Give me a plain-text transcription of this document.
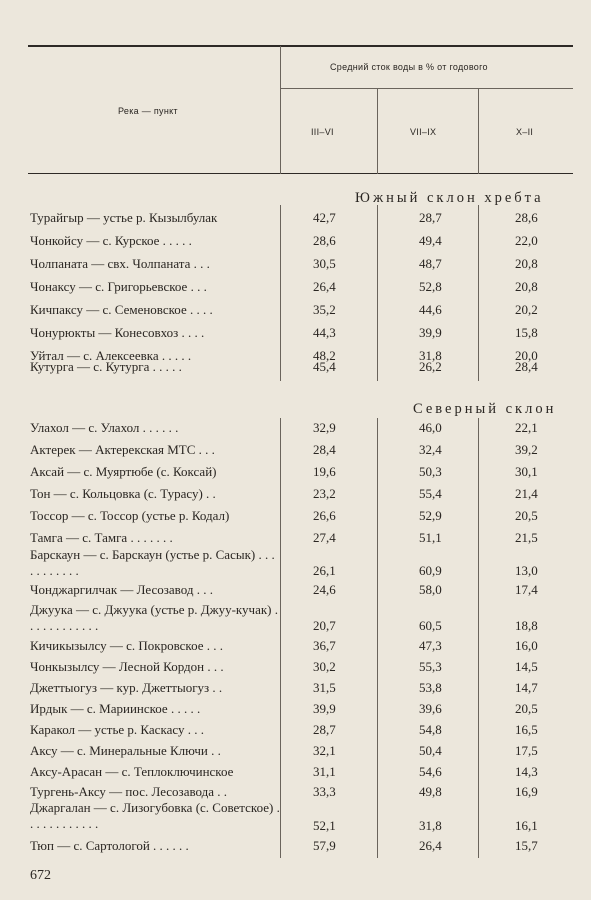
Река — пункт
Средний сток воды в % от годового
III–VI	VII–IX	X–II
Южный склон хребта
Турайгыр — устье р. Кызылбулак	42,7	28,7	28,6
Чонкойсу — с. Курское . . . . .	28,6	49,4	22,0
Чолпаната — свх. Чолпаната . . .	30,5	48,7	20,8
Чонаксу — с. Григорьевское . . .	26,4	52,8	20,8
Кичпаксу — с. Семеновское . . . .	35,2	44,6	20,2
Чонурюкты — Конесовхоз . . . .	44,3	39,9	15,8
Уйтал — с. Алексеевка . . . . .	48,2	31,8	20,0
Кутурга — с. Кутурга . . . . .	45,4	26,2	28,4
Северный склон
Улахол — с. Улахол . . . . . .	32,9	46,0	22,1
Актерек — Актерекская МТС . . .	28,4	32,4	39,2
Аксай — с. Муяртюбе (с. Коксай)	19,6	50,3	30,1
Тон — с. Кольцовка (с. Турасу) . .	23,2	55,4	21,4
Тоссор — с. Тоссор (устье р. Кодал)	26,6	52,9	20,5
Тамга — с. Тамга . . . . . . .	27,4	51,1	21,5
Барскаун — с. Барскаун (устье р. Сасык) . . . . . . . . . . .	26,1	60,9	13,0
Чонджаргилчак — Лесозавод . . .	24,6	58,0	17,4
Джуука — с. Джуука (устье р. Джуу-кучак) . . . . . . . . . . . .	20,7	60,5	18,8
Кичикызылсу — с. Покровское . . .	36,7	47,3	16,0
Чонкызылсу — Лесной Кордон . . .	30,2	55,3	14,5
Джеттыогуз — кур. Джеттыогуз . .	31,5	53,8	14,7
Ирдык — с. Мариинское . . . . .	39,9	39,6	20,5
Каракол — устье р. Каскасу . . .	28,7	54,8	16,5
Аксу — с. Минеральные Ключи . .	32,1	50,4	17,5
Аксу-Арасан — с. Теплоключинское	31,1	54,6	14,3
Тургень-Аксу — пос. Лесозавода . .	33,3	49,8	16,9
Джаргалан — с. Лизогубовка (с. Советское) . . . . . . . . . . . .	52,1	31,8	16,1
Тюп — с. Сартологой . . . . . .	57,9	26,4	15,7
672
